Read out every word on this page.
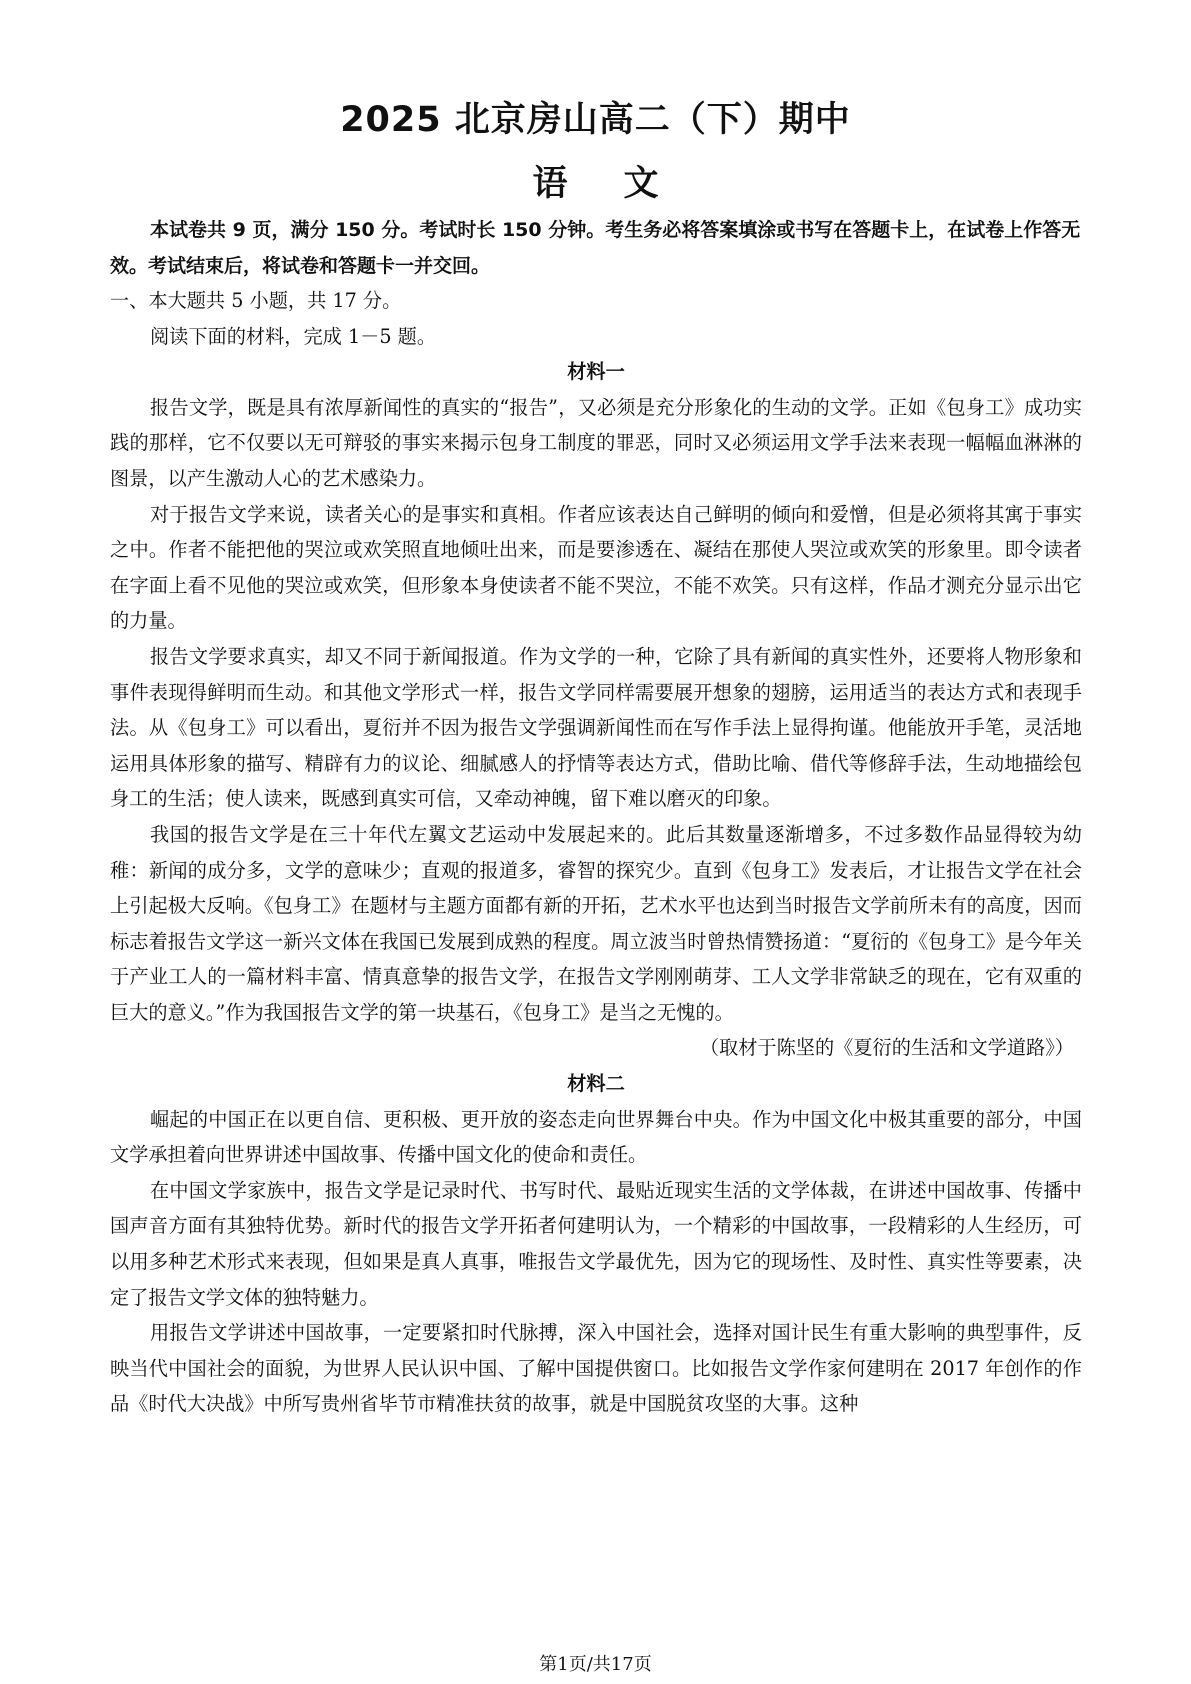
2025 北京房山高二（下）期中
语 文
本试卷共 9 页，满分 150 分。考试时长 150 分钟。考生务必将答案填涂或书写在答题卡上，在试卷上作答无效。考试结束后，将试卷和答题卡一并交回。

一、本大题共 5 小题，共 17 分。

阅读下面的材料，完成 1－5 题。

材料一

报告文学，既是具有浓厚新闻性的真实的“报告”，又必须是充分形象化的生动的文学。正如《包身工》成功实践的那样，它不仅要以无可辩驳的事实来揭示包身工制度的罪恶，同时又必须运用文学手法来表现一幅幅血淋淋的图景，以产生激动人心的艺术感染力。

对于报告文学来说，读者关心的是事实和真相。作者应该表达自己鲜明的倾向和爱憎，但是必须将其寓于事实之中。作者不能把他的哭泣或欢笑照直地倾吐出来，而是要渗透在、凝结在那使人哭泣或欢笑的形象里。即令读者在字面上看不见他的哭泣或欢笑，但形象本身使读者不能不哭泣，不能不欢笑。只有这样，作品才测充分显示出它的力量。

报告文学要求真实，却又不同于新闻报道。作为文学的一种，它除了具有新闻的真实性外，还要将人物形象和事件表现得鲜明而生动。和其他文学形式一样，报告文学同样需要展开想象的翅膀，运用适当的表达方式和表现手法。从《包身工》可以看出，夏衍并不因为报告文学强调新闻性而在写作手法上显得拘谨。他能放开手笔，灵活地运用具体形象的描写、精辟有力的议论、细腻感人的抒情等表达方式，借助比喻、借代等修辞手法，生动地描绘包身工的生活；使人读来，既感到真实可信，又牵动神魄，留下难以磨灭的印象。

我国的报告文学是在三十年代左翼文艺运动中发展起来的。此后其数量逐渐增多，不过多数作品显得较为幼稚：新闻的成分多，文学的意味少；直观的报道多，睿智的探究少。直到《包身工》发表后，才让报告文学在社会上引起极大反响。《包身工》在题材与主题方面都有新的开拓，艺术水平也达到当时报告文学前所未有的高度，因而标志着报告文学这一新兴文体在我国已发展到成熟的程度。周立波当时曾热情赞扬道：“夏衍的《包身工》是今年关于产业工人的一篇材料丰富、情真意挚的报告文学，在报告文学刚刚萌芽、工人文学非常缺乏的现在，它有双重的巨大的意义。”作为我国报告文学的第一块基石，《包身工》是当之无愧的。

（取材于陈坚的《夏衍的生活和文学道路》）

材料二

崛起的中国正在以更自信、更积极、更开放的姿态走向世界舞台中央。作为中国文化中极其重要的部分，中国文学承担着向世界讲述中国故事、传播中国文化的使命和责任。

在中国文学家族中，报告文学是记录时代、书写时代、最贴近现实生活的文学体裁，在讲述中国故事、传播中国声音方面有其独特优势。新时代的报告文学开拓者何建明认为，一个精彩的中国故事，一段精彩的人生经历，可以用多种艺术形式来表现，但如果是真人真事，唯报告文学最优先，因为它的现场性、及时性、真实性等要素，决定了报告文学文体的独特魅力。

用报告文学讲述中国故事，一定要紧扣时代脉搏，深入中国社会，选择对国计民生有重大影响的典型事件，反映当代中国社会的面貌，为世界人民认识中国、了解中国提供窗口。比如报告文学作家何建明在 2017 年创作的作品《时代大决战》中所写贵州省毕节市精准扶贫的故事，就是中国脱贫攻坚的大事。这种

第1页/共17页
